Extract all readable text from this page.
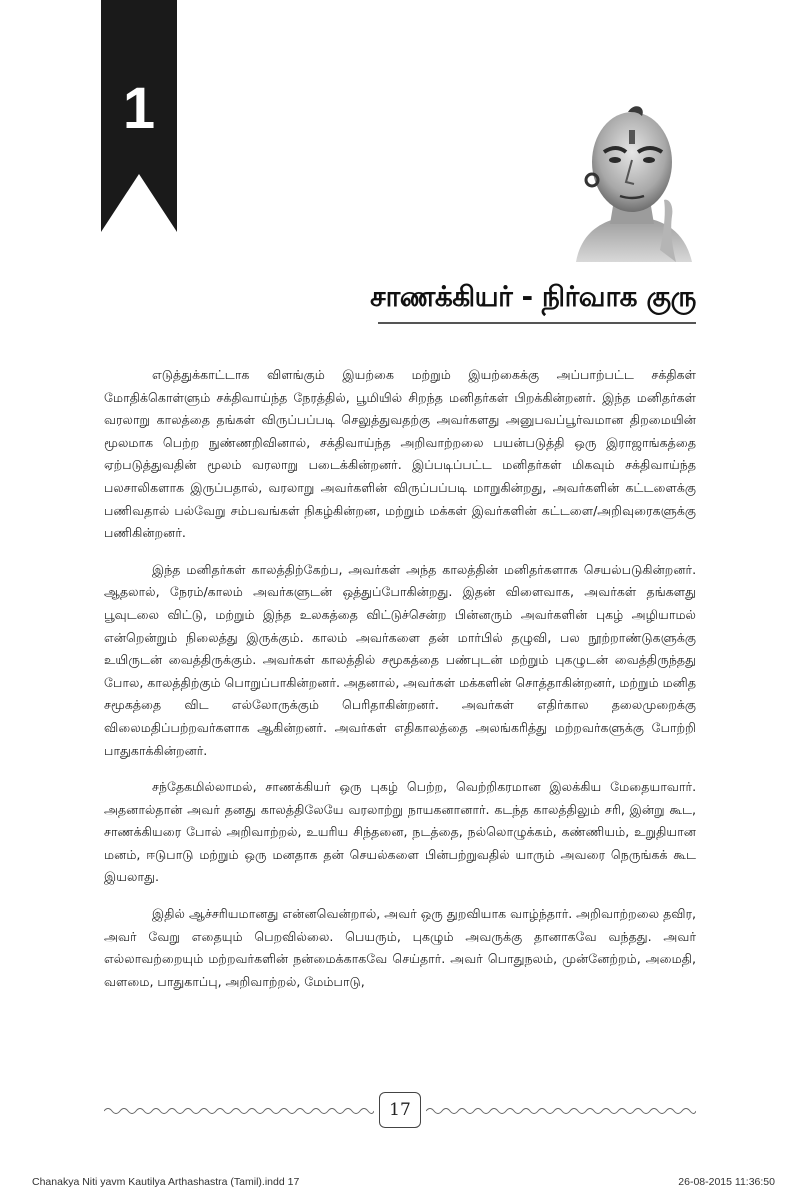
1
சாணக்கியர் - நிர்வாக குரு

எடுத்துக்காட்டாக விளங்கும் இயற்கை மற்றும் இயற்கைக்கு அப்பாற்பட்ட சக்திகள் மோதிக்கொள்ளும் சக்திவாய்ந்த நேரத்தில், பூமியில் சிறந்த மனிதர்கள் பிறக்கின்றனர். இந்த மனிதர்கள் வரலாறு காலத்தை தங்கள் விருப்பப்படி செலுத்துவதற்கு அவர்களது அனுபவப்பூர்வமான திறமையின் மூலமாக பெற்ற நுண்ணறிவினால், சக்திவாய்ந்த அறிவாற்றலை பயன்படுத்தி ஒரு இராஜாங்கத்தை ஏற்படுத்துவதின் மூலம் வரலாறு படைக்கின்றனர். இப்படிப்பட்ட மனிதர்கள் மிகவும் சக்திவாய்ந்த பலசாலிகளாக இருப்பதால், வரலாறு அவர்களின் விருப்பப்படி மாறுகின்றது, அவர்களின் கட்டளைக்கு பணிவதால் பல்வேறு சம்பவங்கள் நிகழ்கின்றன, மற்றும் மக்கள் இவர்களின் கட்டளை/அறிவுரைகளுக்கு பணிகின்றனர்.

இந்த மனிதர்கள் காலத்திற்கேற்ப, அவர்கள் அந்த காலத்தின் மனிதர்களாக செயல்படுகின்றனர். ஆதலால், நேரம்/காலம் அவர்களுடன் ஒத்துப்போகின்றது. இதன் விளைவாக, அவர்கள் தங்களது பூவுடலை விட்டு, மற்றும் இந்த உலகத்தை விட்டுச்சென்ற பின்னரும் அவர்களின் புகழ் அழியாமல் என்றென்றும் நிலைத்து இருக்கும். காலம் அவர்களை தன் மார்பில் தழுவி, பல நூற்றாண்டுகளுக்கு உயிருடன் வைத்திருக்கும். அவர்கள் காலத்தில் சமூகத்தை பண்புடன் மற்றும் புகழுடன் வைத்திருந்தது போல, காலத்திற்கும் பொறுப்பாகின்றனர். அதனால், அவர்கள் மக்களின் சொத்தாகின்றனர், மற்றும் மனித சமூகத்தை விட எல்லோருக்கும் பெரிதாகின்றனர். அவர்கள் எதிர்கால தலைமுறைக்கு விலைமதிப்பற்றவர்களாக ஆகின்றனர். அவர்கள் எதிகாலத்தை அலங்கரித்து மற்றவர்களுக்கு போற்றி பாதுகாக்கின்றனர்.

சந்தேகமில்லாமல், சாணக்கியர் ஒரு புகழ் பெற்ற, வெற்றிகரமான இலக்கிய மேதையாவார். அதனால்தான் அவர் தனது காலத்திலேயே வரலாற்று நாயகனானார். கடந்த காலத்திலும் சரி, இன்று கூட, சாணக்கியரை போல் அறிவாற்றல், உயரிய சிந்தனை, நடத்தை, நல்லொழுக்கம், கண்ணியம், உறுதியான மனம், ஈடுபாடு மற்றும் ஒரு மனதாக தன் செயல்களை பின்பற்றுவதில் யாரும் அவரை நெருங்கக் கூட இயலாது.

இதில் ஆச்சரியமானது என்னவென்றால், அவர் ஒரு துறவியாக வாழ்ந்தார். அறிவாற்றலை தவிர, அவர் வேறு எதையும் பெறவில்லை. பெயரும், புகழும் அவருக்கு தானாகவே வந்தது. அவர் எல்லாவற்றையும் மற்றவர்களின் நன்மைக்காகவே செய்தார். அவர் பொதுநலம், முன்னேற்றம், அமைதி, வளமை, பாதுகாப்பு, அறிவாற்றல், மேம்பாடு,

17
Chanakya Niti yavm Kautilya Arthashastra (Tamil).indd 17	26-08-2015 11:36:50
